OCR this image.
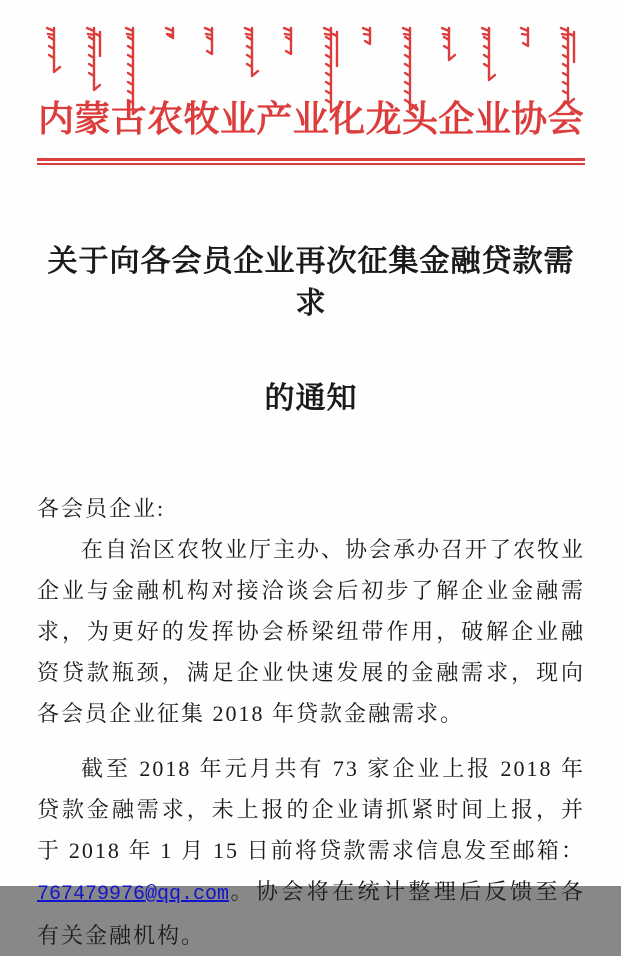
内蒙古农牧业产业化龙头企业协会
关于向各会员企业再次征集金融贷款需求
的通知

各会员企业:

在自治区农牧业厅主办、协会承办召开了农牧业企业与金融机构对接洽谈会后初步了解企业金融需求，为更好的发挥协会桥梁纽带作用，破解企业融资贷款瓶颈，满足企业快速发展的金融需求，现向各会员企业征集 2018 年贷款金融需求。

截至 2018 年元月共有 73 家企业上报 2018 年贷款金融需求，未上报的企业请抓紧时间上报，并于 2018 年 1 月 15 日前将贷款需求信息发至邮箱： 767479976@qq.com。协会将在统计整理后反馈至各有关金融机构。
